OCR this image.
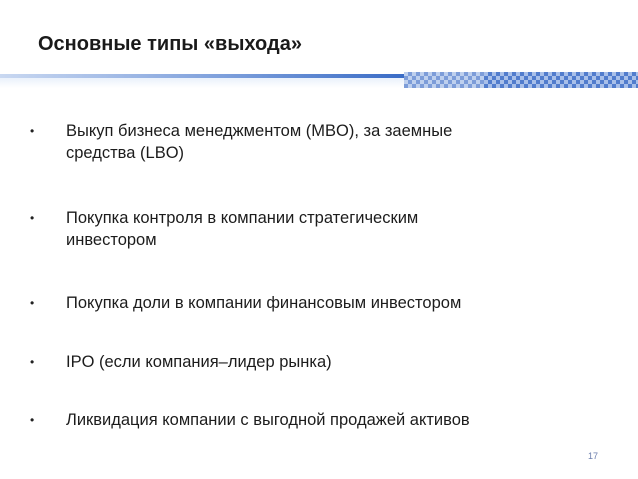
Основные типы «выхода»
• Выкуп бизнеса менеджментом (MBO), за заемные
средства (LBO)
• Покупка контроля в компании стратегическим
инвестором
• Покупка доли в компании финансовым инвестором
• IPO (если компания–лидер рынка)
• Ликвидация компании с выгодной продажей активов
17
